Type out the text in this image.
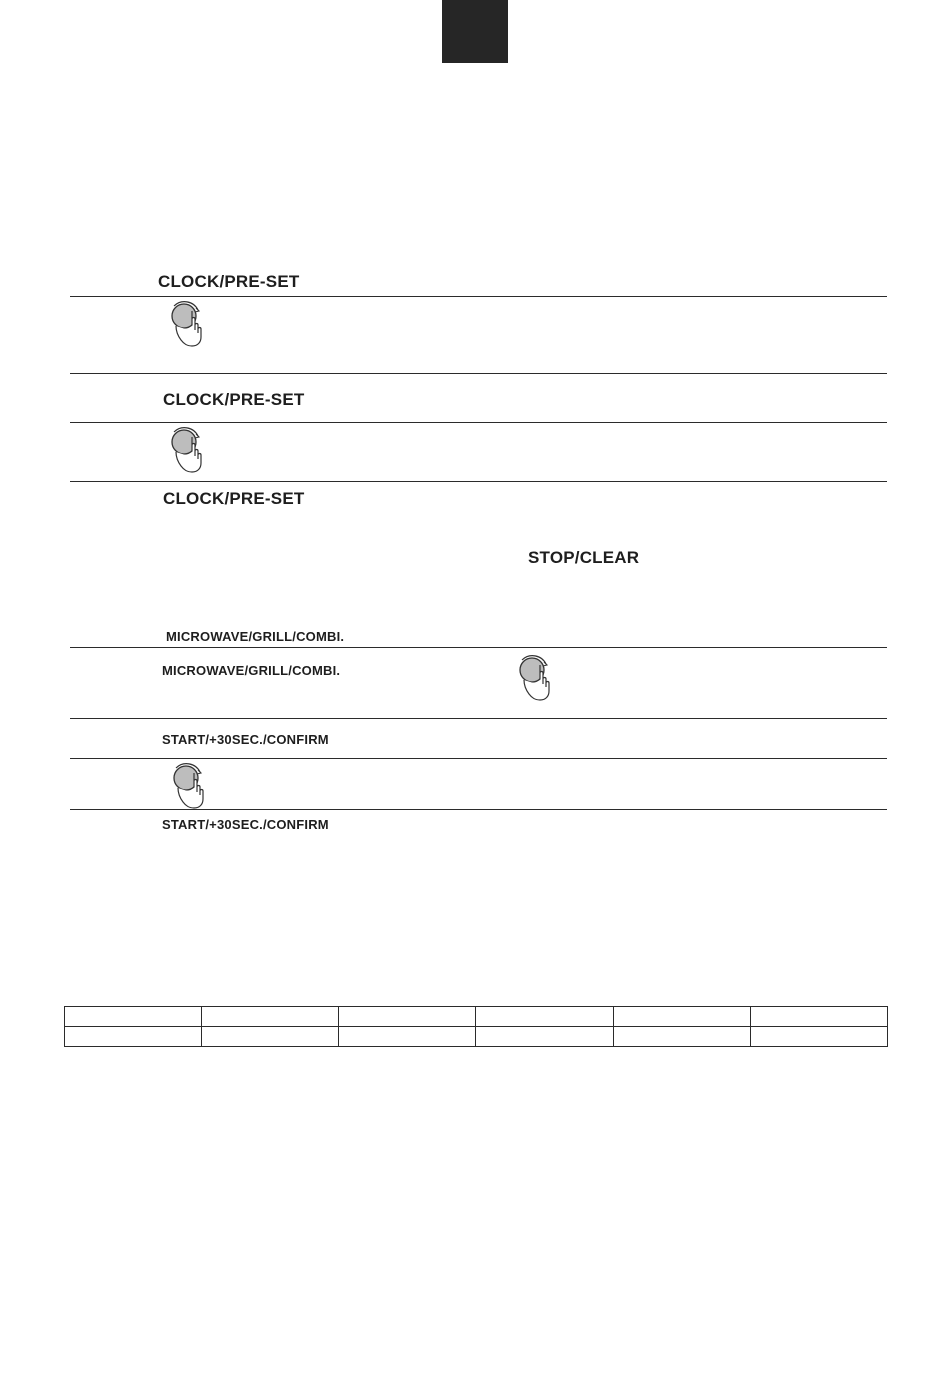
CLOCK/PRE-SET
CLOCK/PRE-SET
CLOCK/PRE-SET
STOP/CLEAR
MICROWAVE/GRILL/COMBI.
MICROWAVE/GRILL/COMBI.
START/+30SEC./CONFIRM
START/+30SEC./CONFIRM
